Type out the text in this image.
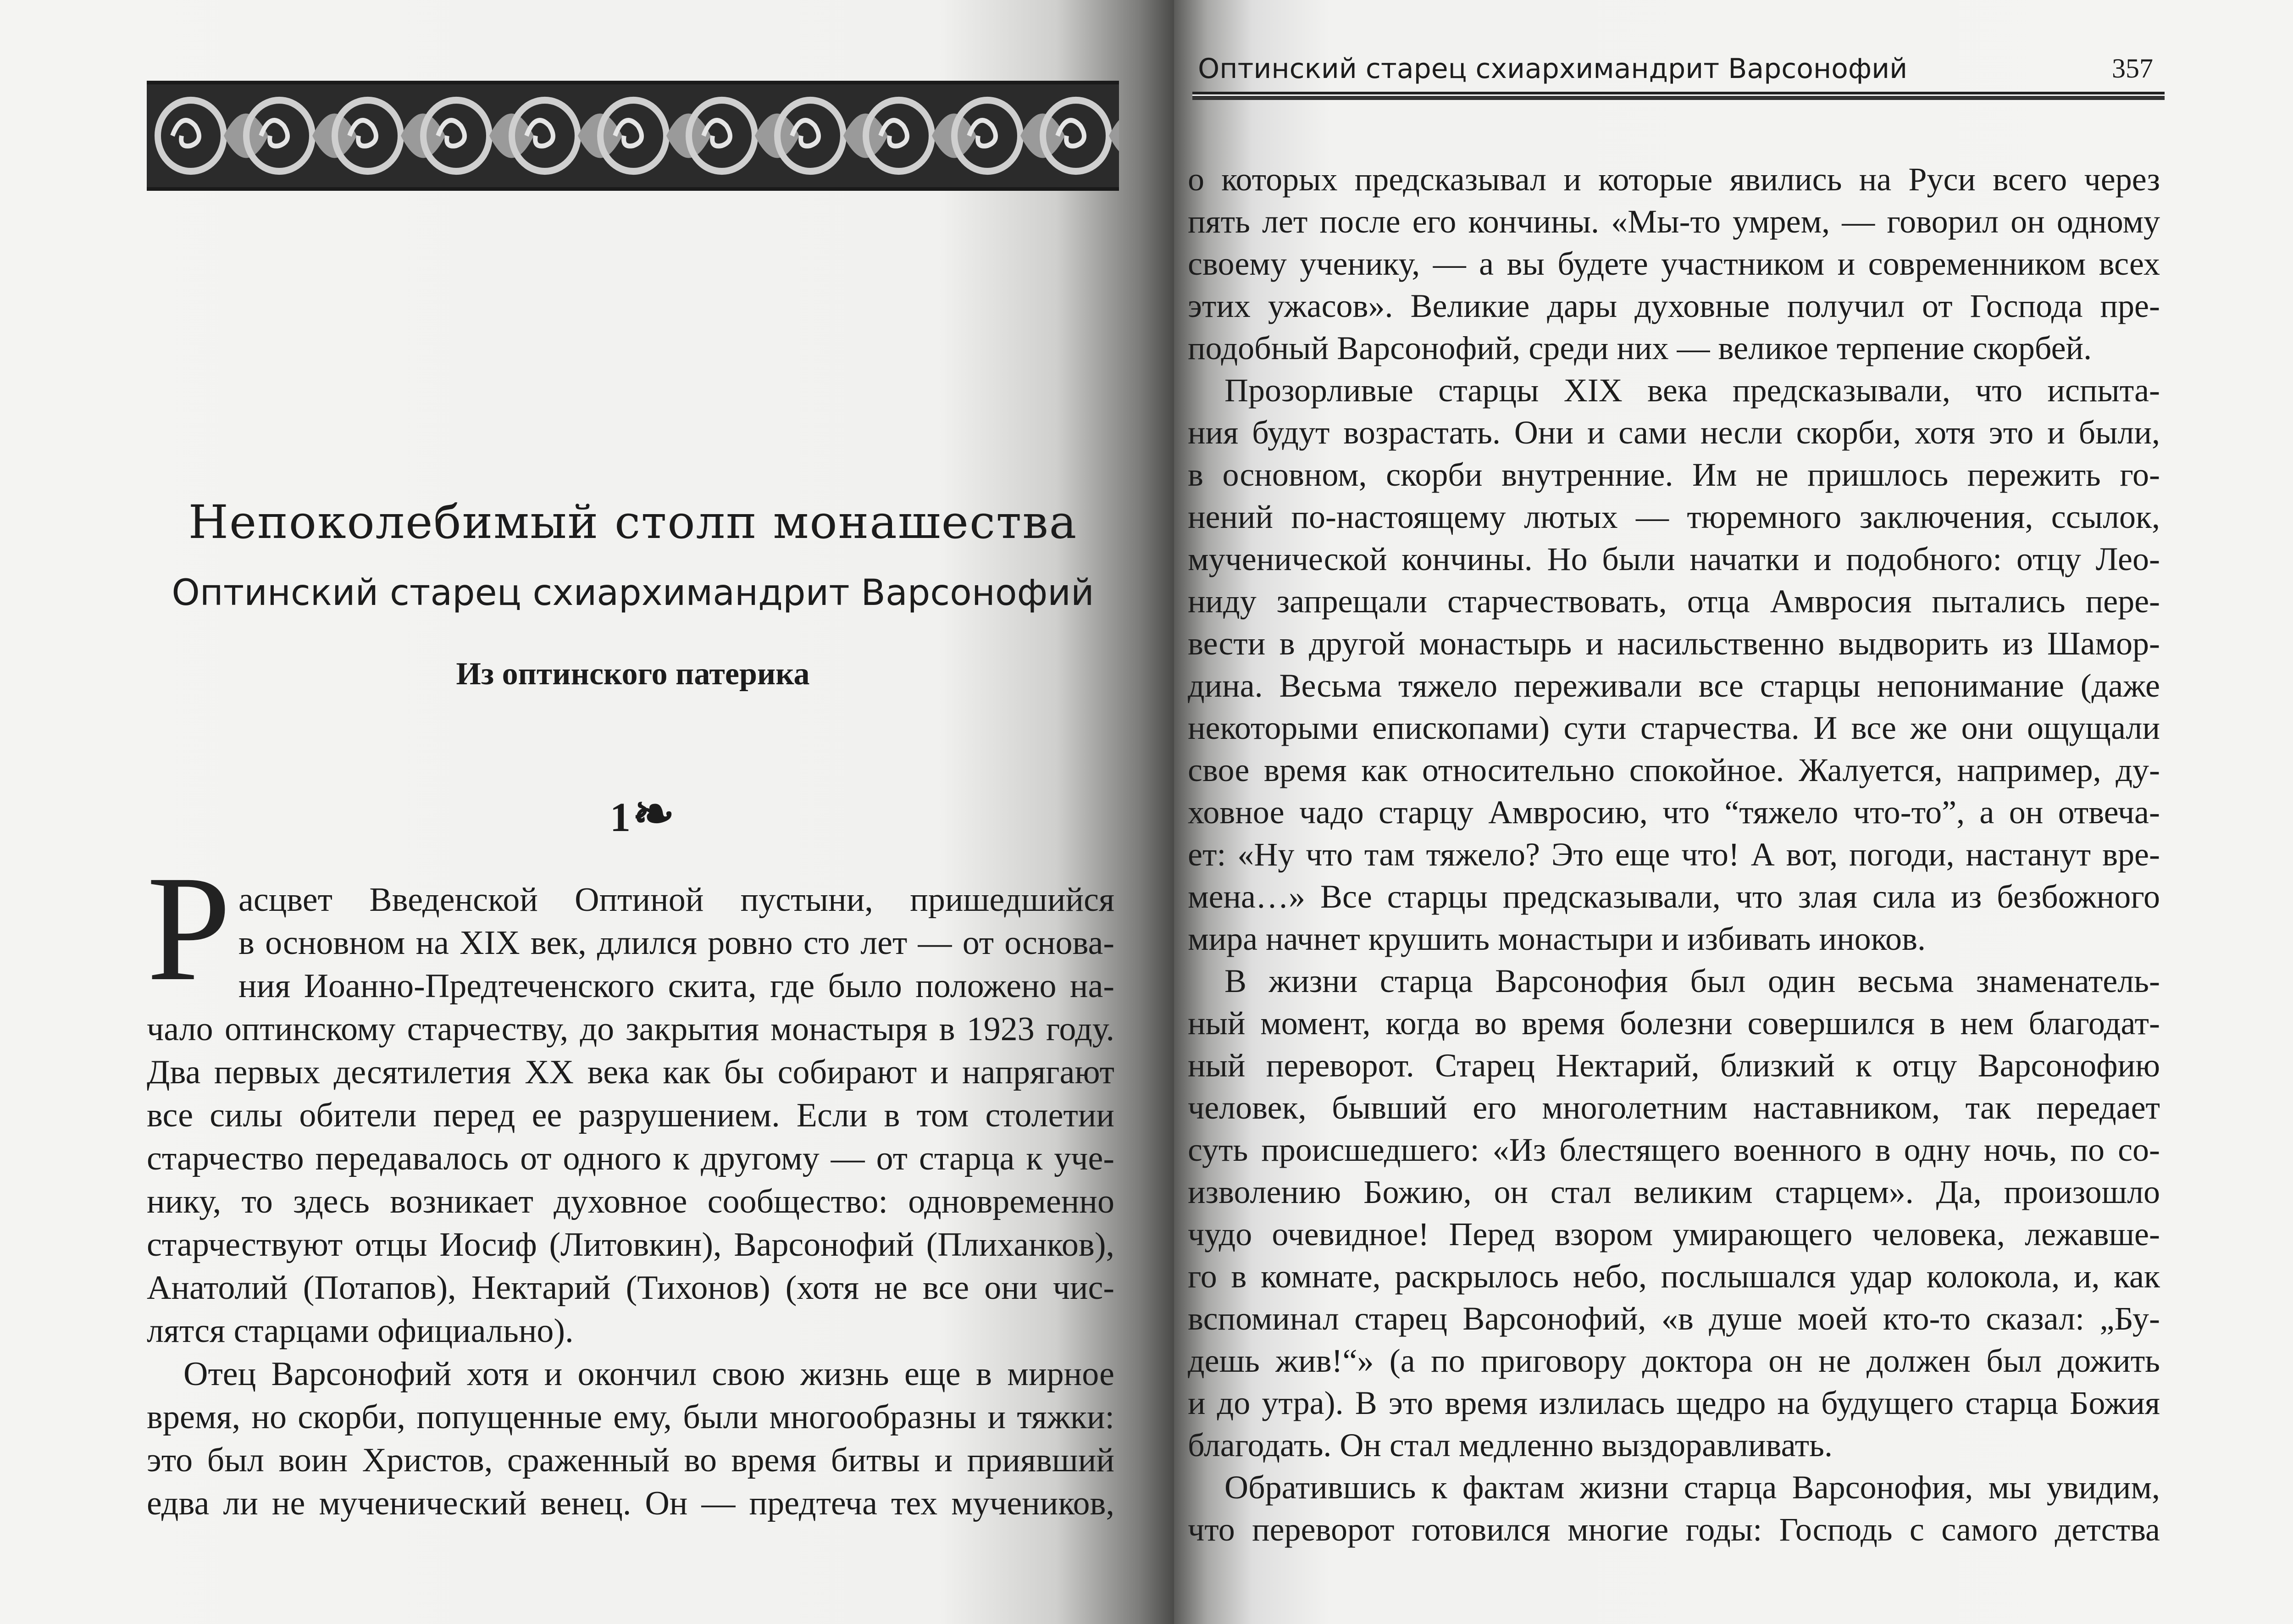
Непоколебимый столп монашества
Оптинский старец схиархимандрит Варсонофий
Из оптинского патерика
1❧
Р асцвет Введенской Оптиной пустыни, пришедшийся
в основном на XIX век, длился ровно сто лет — от основа-
ния Иоанно-Предтеченского скита, где было положено на-
чало оптинскому старчеству, до закрытия монастыря в 1923 году.
Два первых десятилетия XX века как бы собирают и напрягают
все силы обители перед ее разрушением. Если в том столетии
старчество передавалось от одного к другому — от старца к уче-
нику, то здесь возникает духовное сообщество: одновременно
старчествуют отцы Иосиф (Литовкин), Варсонофий (Плиханков),
Анатолий (Потапов), Нектарий (Тихонов) (хотя не все они чис-
лятся старцами официально).
Отец Варсонофий хотя и окончил свою жизнь еще в мирное
время, но скорби, попущенные ему, были многообразны и тяжки:
это был воин Христов, сраженный во время битвы и приявший
едва ли не мученический венец. Он — предтеча тех мучеников,
Оптинский старец схиархимандрит Варсонофий	357
о которых предсказывал и которые явились на Руси всего через
пять лет после его кончины. «Мы-то умрем, — говорил он одному
своему ученику, — а вы будете участником и современником всех
этих ужасов». Великие дары духовные получил от Господа пре-
подобный Варсонофий, среди них — великое терпение скорбей.
Прозорливые старцы XIX века предсказывали, что испыта-
ния будут возрастать. Они и сами несли скорби, хотя это и были,
в основном, скорби внутренние. Им не пришлось пережить го-
нений по-настоящему лютых — тюремного заключения, ссылок,
мученической кончины. Но были начатки и подобного: отцу Лео-
ниду запрещали старчествовать, отца Амвросия пытались пере-
вести в другой монастырь и насильственно выдворить из Шамор-
дина. Весьма тяжело переживали все старцы непонимание (даже
некоторыми епископами) сути старчества. И все же они ощущали
свое время как относительно спокойное. Жалуется, например, ду-
ховное чадо старцу Амвросию, что “тяжело что-то”, а он отвеча-
ет: «Ну что там тяжело? Это еще что! А вот, погоди, настанут вре-
мена…» Все старцы предсказывали, что злая сила из безбожного
мира начнет крушить монастыри и избивать иноков.
В жизни старца Варсонофия был один весьма знаменатель-
ный момент, когда во время болезни совершился в нем благодат-
ный переворот. Старец Нектарий, близкий к отцу Варсонофию
человек, бывший его многолетним наставником, так передает
суть происшедшего: «Из блестящего военного в одну ночь, по со-
изволению Божию, он стал великим старцем». Да, произошло
чудо очевидное! Перед взором умирающего человека, лежавше-
го в комнате, раскрылось небо, послышался удар колокола, и, как
вспоминал старец Варсонофий, «в душе моей кто-то сказал: „Бу-
дешь жив!“» (а по приговору доктора он не должен был дожить
и до утра). В это время излилась щедро на будущего старца Божия
благодать. Он стал медленно выздоравливать.
Обратившись к фактам жизни старца Варсонофия, мы увидим,
что переворот готовился многие годы: Господь с самого детства
